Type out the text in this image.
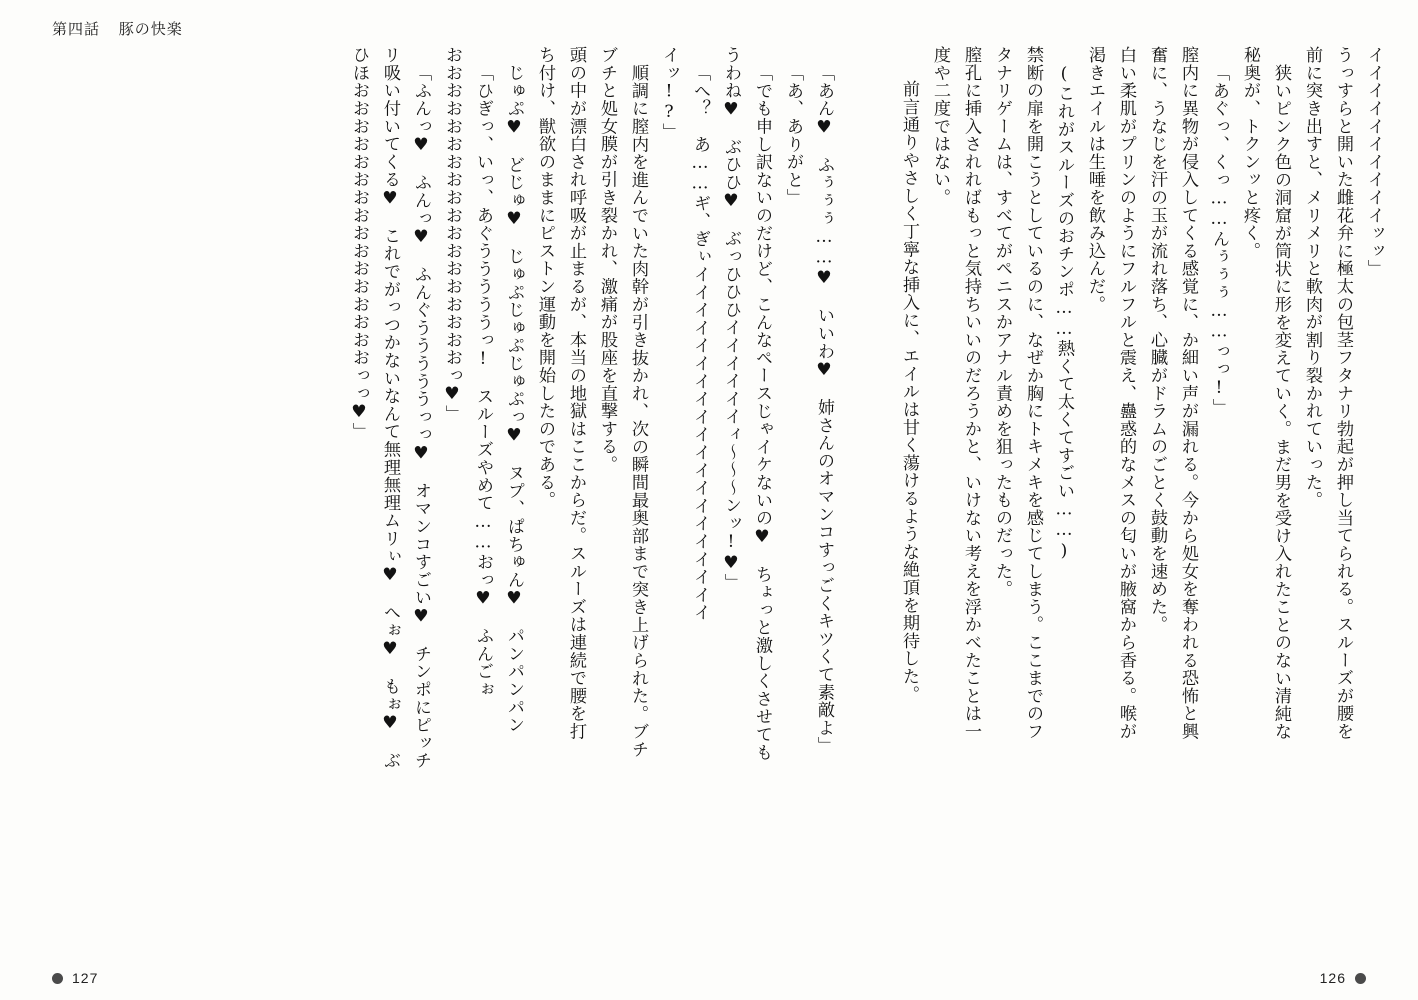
第四話 豚の快楽
イイイイイイイイイイッッ」
うっすらと開いた雌花弁に極太の包茎フタナリ勃起が押し当てられる。スルーズが腰を
前に突き出すと、メリメリと軟肉が割り裂かれていった。
狭いピンク色の洞窟が筒状に形を変えていく。まだ男を受け入れたことのない清純な
秘奥が、トクンッと疼く。
「あぐっ、くっ……んぅぅぅ……っっ!」
膣内に異物が侵入してくる感覚に、か細い声が漏れる。今から処女を奪われる恐怖と興
奮に、うなじを汗の玉が流れ落ち、心臓がドラムのごとく鼓動を速めた。
白い柔肌がプリンのようにフルフルと震え、蠱惑的なメスの匂いが腋窩から香る。喉が
渇きエイルは生唾を飲み込んだ。
(これがスルーズのおチンポ……熱くて太くてすごい……)
禁断の扉を開こうとしているのに、なぜか胸にトキメキを感じてしまう。ここまでのフ
タナリゲームは、すべてがペニスかアナル責めを狙ったものだった。
膣孔に挿入されればもっと気持ちいいのだろうかと、いけない考えを浮かべたことは一
度や二度ではない。
前言通りやさしく丁寧な挿入に、エイルは甘く蕩けるような絶頂を期待した。
「あん♥　ふぅぅぅ……♥　いいわ♥　姉さんのオマンコすっごくキツくて素敵よ」
「あ、ありがと」
「でも申し訳ないのだけど、こんなペースじゃイケないの♥　ちょっと激しくさせても
うわね♥　ぶひひ♥　ぶっひひひイイイイイイィ〜〜〜ンッ!♥」
「へ？　あ……ギ、ぎぃイイイイイイイイイイイイイイイイイイイイ
イッ!?」
順調に膣内を進んでいた肉幹が引き抜かれ、次の瞬間最奥部まで突き上げられた。ブチ
ブチと処女膜が引き裂かれ、激痛が股座を直撃する。
頭の中が漂白され呼吸が止まるが、本当の地獄はここからだ。スルーズは連続で腰を打
ち付け、獣欲のままにピストン運動を開始したのである。
じゅぷ♥　どじゅ♥　じゅぷじゅぷじゅぷっ♥　ヌプ、ぱちゅん♥　パンパンパン
「ひぎっ、いっ、あぐうううううっ!　スルーズやめて……おっ♥　ふんごぉ
おおおおおおおおおおおおおおおおおおっ♥」
「ふんっ♥　ふんっ♥　ふんぐうううううっっ♥　オマンコすごい♥　チンポにピッチ
リ吸い付いてくる♥　これでがっつかないなんて無理無理ムリぃ♥　へぉ♥　もぉ♥　ぶ
ひほおおおおおおおおおおおおおおおおっっ♥」
127	126
